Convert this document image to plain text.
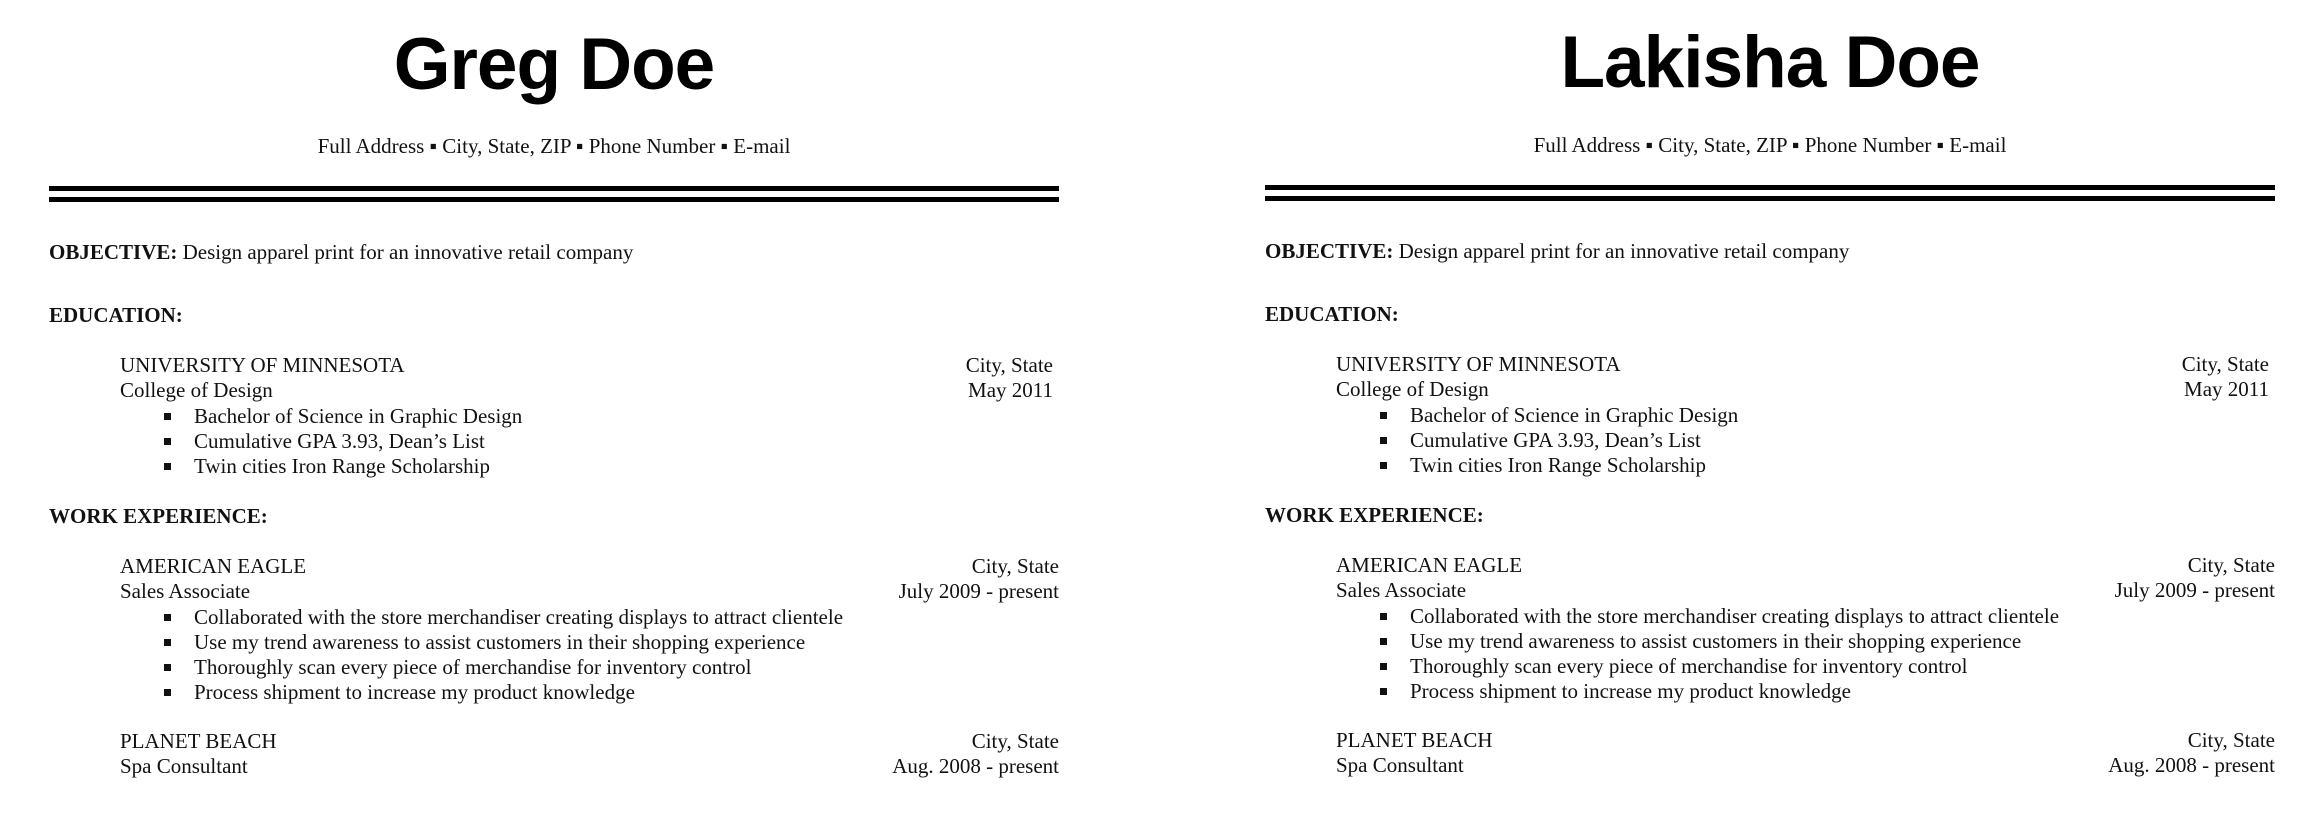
Greg Doe
Full Address ▪ City, State, ZIP ▪ Phone Number ▪ E-mail
OBJECTIVE: Design apparel print for an innovative retail company
EDUCATION:
UNIVERSITY OF MINNESOTA	City, State
College of Design	May 2011
Bachelor of Science in Graphic Design
Cumulative GPA 3.93, Dean’s List
Twin cities Iron Range Scholarship
WORK EXPERIENCE:
AMERICAN EAGLE	City, State
Sales Associate	July 2009 - present
Collaborated with the store merchandiser creating displays to attract clientele
Use my trend awareness to assist customers in their shopping experience
Thoroughly scan every piece of merchandise for inventory control
Process shipment to increase my product knowledge
PLANET BEACH	City, State
Spa Consultant	Aug. 2008 - present
Lakisha Doe
Full Address ▪ City, State, ZIP ▪ Phone Number ▪ E-mail
OBJECTIVE: Design apparel print for an innovative retail company
EDUCATION:
UNIVERSITY OF MINNESOTA	City, State
College of Design	May 2011
Bachelor of Science in Graphic Design
Cumulative GPA 3.93, Dean’s List
Twin cities Iron Range Scholarship
WORK EXPERIENCE:
AMERICAN EAGLE	City, State
Sales Associate	July 2009 - present
Collaborated with the store merchandiser creating displays to attract clientele
Use my trend awareness to assist customers in their shopping experience
Thoroughly scan every piece of merchandise for inventory control
Process shipment to increase my product knowledge
PLANET BEACH	City, State
Spa Consultant	Aug. 2008 - present
